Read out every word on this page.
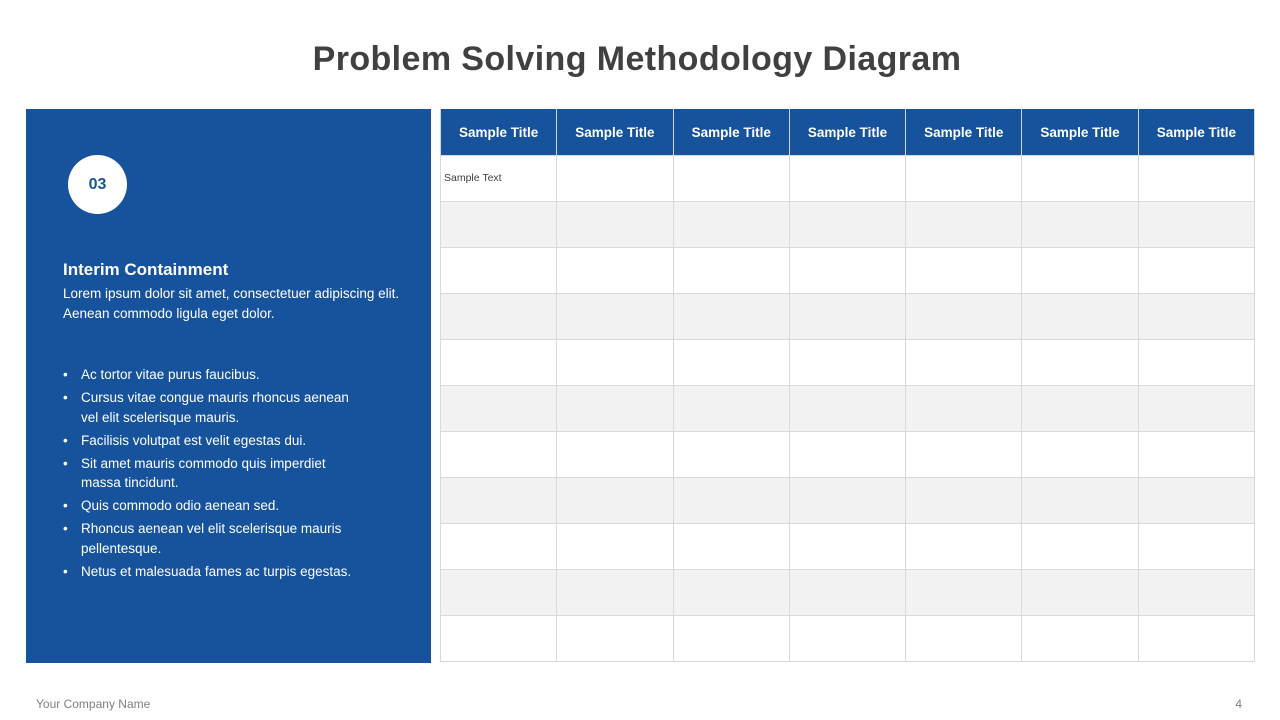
Problem Solving Methodology Diagram
03
Interim Containment
Lorem ipsum dolor sit amet, consectetuer adipiscing elit. Aenean commodo ligula eget dolor.
• Ac tortor vitae purus faucibus.
• Cursus vitae congue mauris rhoncus aenean vel elit scelerisque mauris.
• Facilisis volutpat est velit egestas dui.
• Sit amet mauris commodo quis imperdiet massa tincidunt.
• Quis commodo odio aenean sed.
• Rhoncus aenean vel elit scelerisque mauris pellentesque.
• Netus et malesuada fames ac turpis egestas.
Sample Title	Sample Title	Sample Title	Sample Title	Sample Title	Sample Title	Sample Title

Sample Text						

Your Company Name	4
